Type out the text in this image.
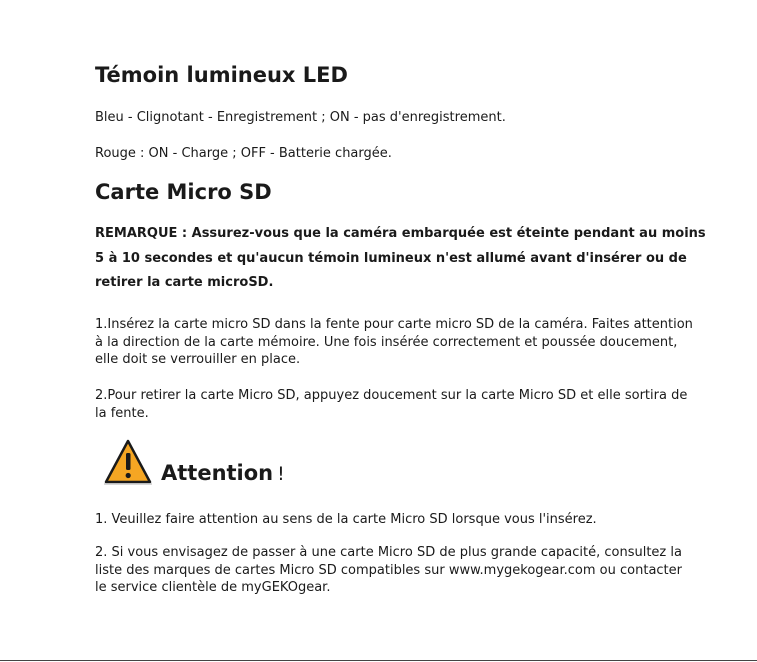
Témoin lumineux LED

Bleu - Clignotant - Enregistrement ; ON - pas d'enregistrement.

Rouge : ON - Charge ; OFF - Batterie chargée.

Carte Micro SD

REMARQUE : Assurez-vous que la caméra embarquée est éteinte pendant au moins 5 à 10 secondes et qu'aucun témoin lumineux n'est allumé avant d'insérer ou de retirer la carte microSD.

1.Insérez la carte micro SD dans la fente pour carte micro SD de la caméra. Faites attention à la direction de la carte mémoire. Une fois insérée correctement et poussée doucement, elle doit se verrouiller en place.

2.Pour retirer la carte Micro SD, appuyez doucement sur la carte Micro SD et elle sortira de la fente.

Attention !

1. Veuillez faire attention au sens de la carte Micro SD lorsque vous l'insérez.

2. Si vous envisagez de passer à une carte Micro SD de plus grande capacité, consultez la liste des marques de cartes Micro SD compatibles sur www.mygekogear.com ou contacter le service clientèle de myGEKOgear.
